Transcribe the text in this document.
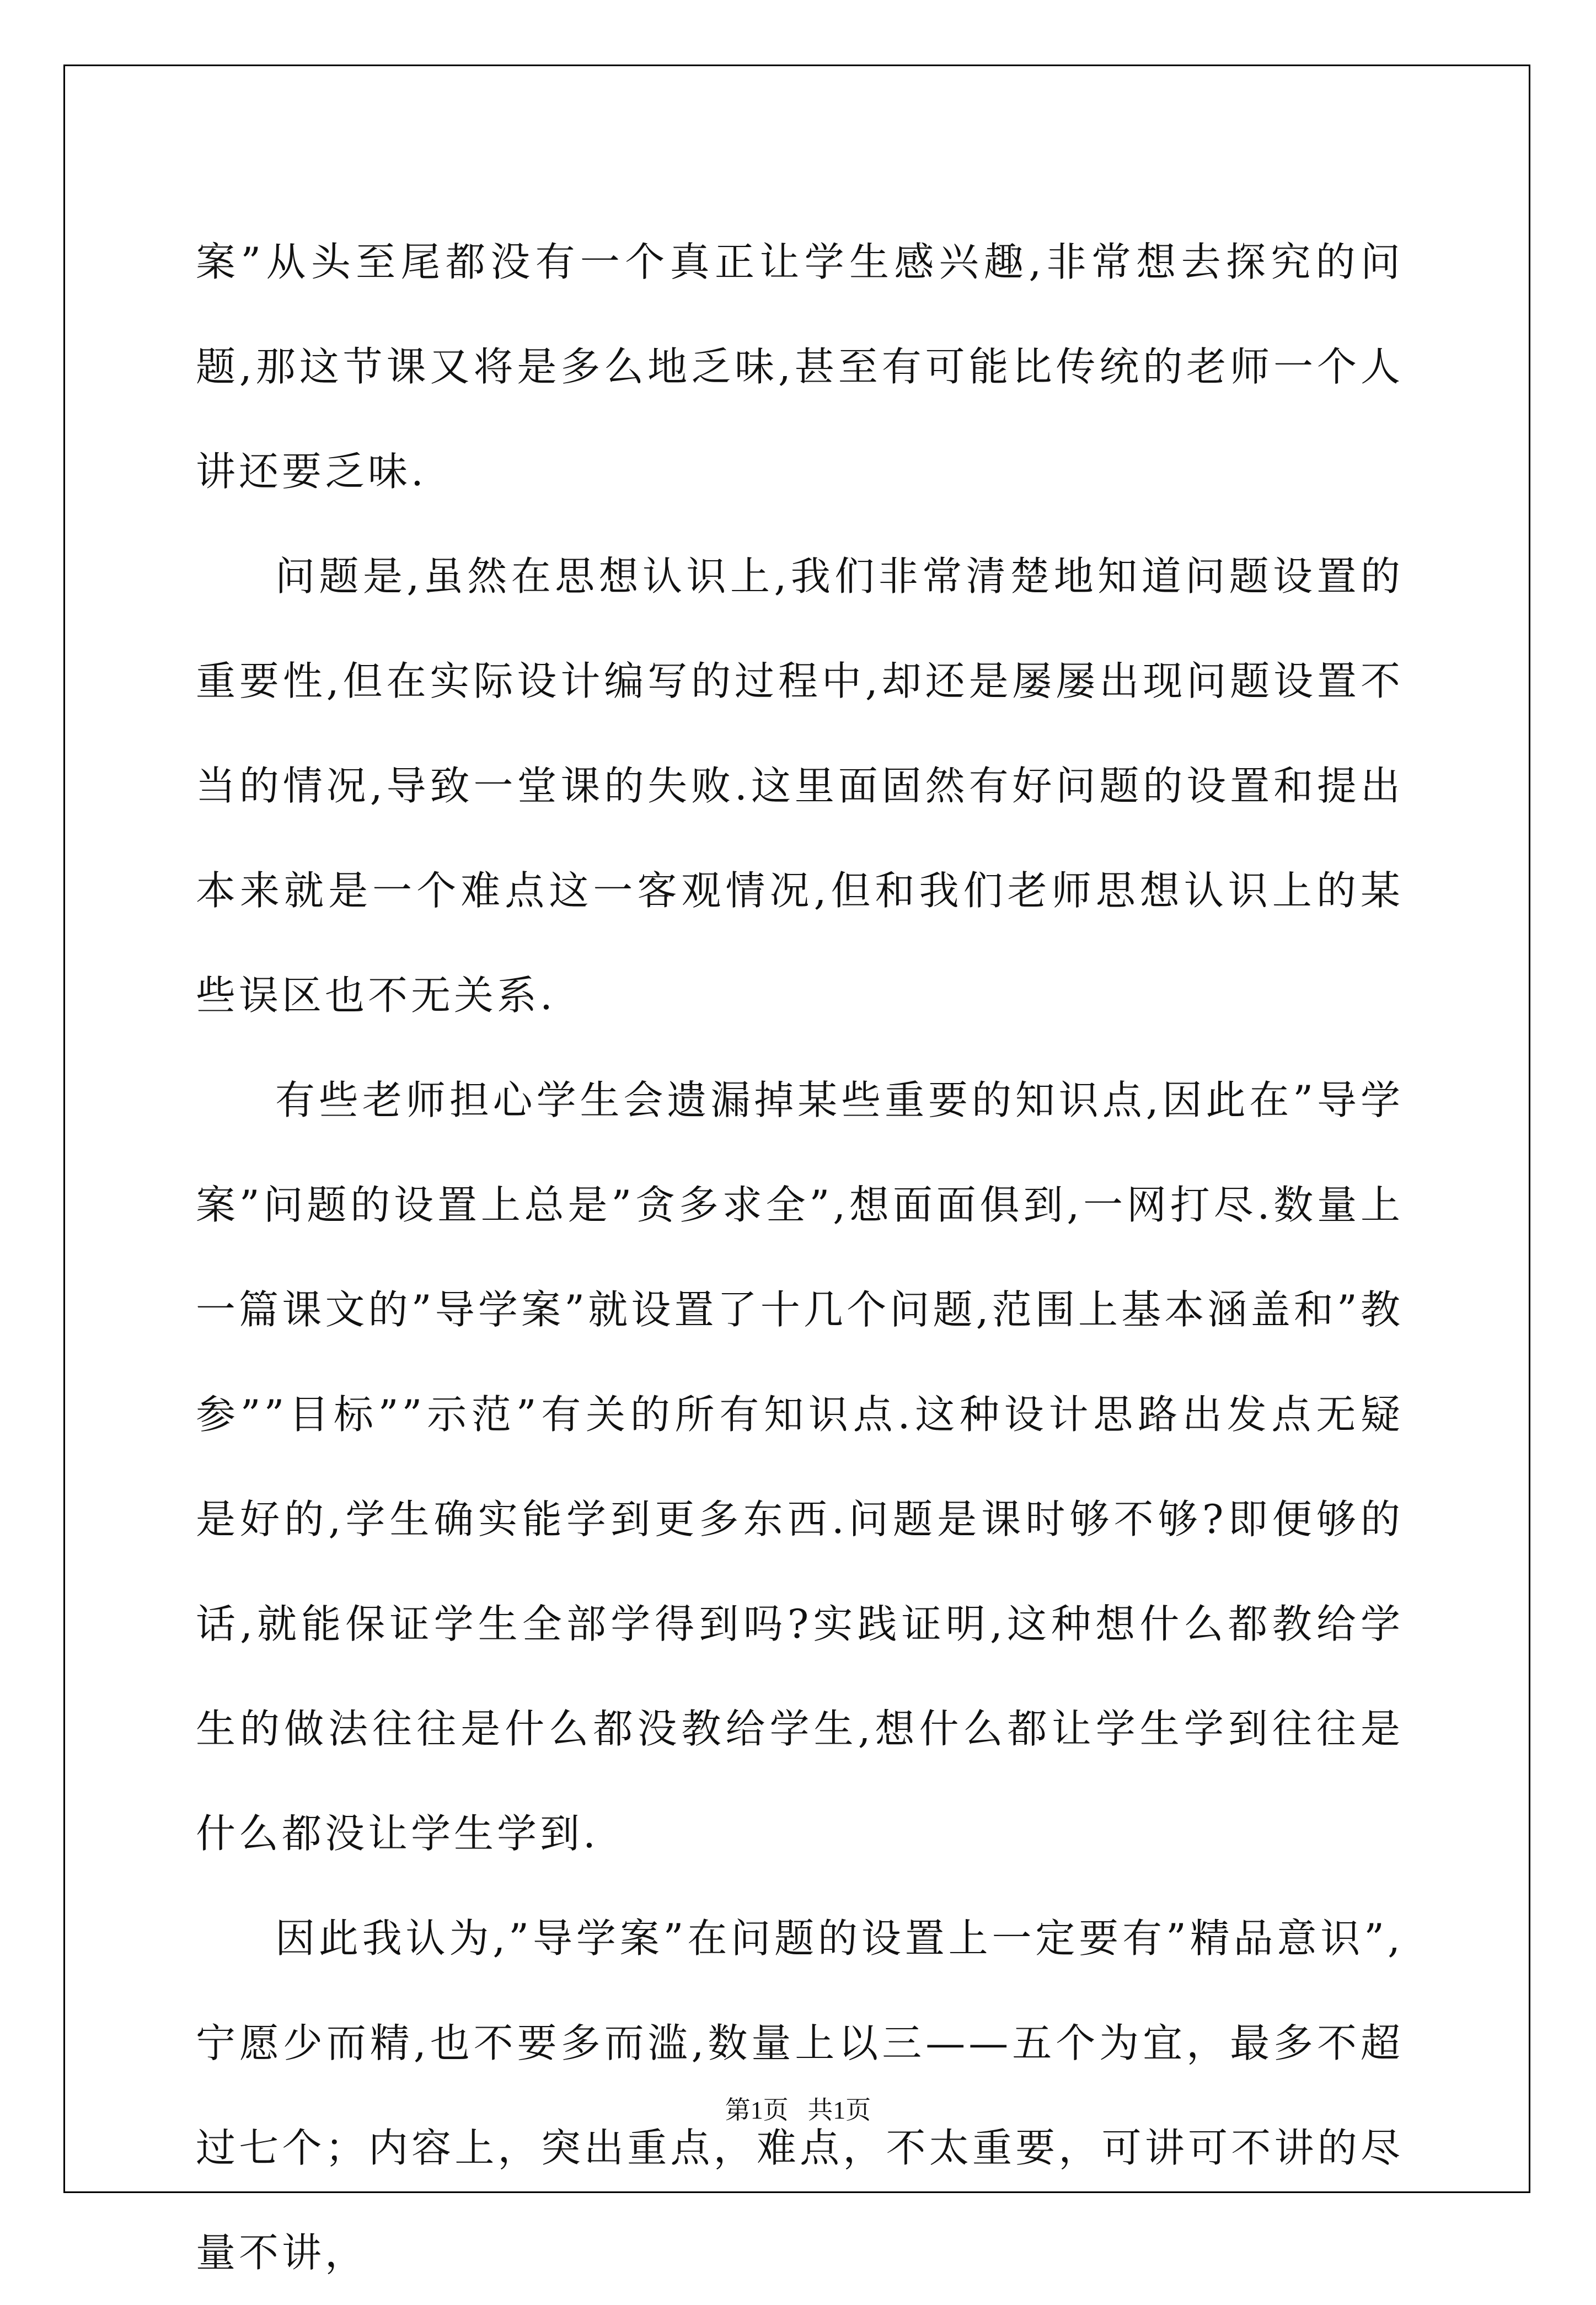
案”从头至尾都没有一个真正让学生感兴趣,非常想去探究的问题,那这节课又将是多么地乏味,甚至有可能比传统的老师一个人讲还要乏味.

问题是,虽然在思想认识上,我们非常清楚地知道问题设置的重要性,但在实际设计编写的过程中,却还是屡屡出现问题设置不当的情况,导致一堂课的失败.这里面固然有好问题的设置和提出本来就是一个难点这一客观情况,但和我们老师思想认识上的某些误区也不无关系.

有些老师担心学生会遗漏掉某些重要的知识点,因此在”导学案”问题的设置上总是”贪多求全”,想面面俱到,一网打尽.数量上一篇课文的”导学案”就设置了十几个问题,范围上基本涵盖和”教参””目标””示范”有关的所有知识点.这种设计思路出发点无疑是好的,学生确实能学到更多东西.问题是课时够不够?即便够的话,就能保证学生全部学得到吗?实践证明,这种想什么都教给学生的做法往往是什么都没教给学生,想什么都让学生学到往往是什么都没让学生学到.

因此我认为,”导学案”在问题的设置上一定要有”精品意识”,宁愿少而精,也不要多而滥,数量上以三——五个为宜，最多不超过七个；内容上，突出重点，难点，不太重要，可讲可不讲的尽量不讲，

第1页   共1页
